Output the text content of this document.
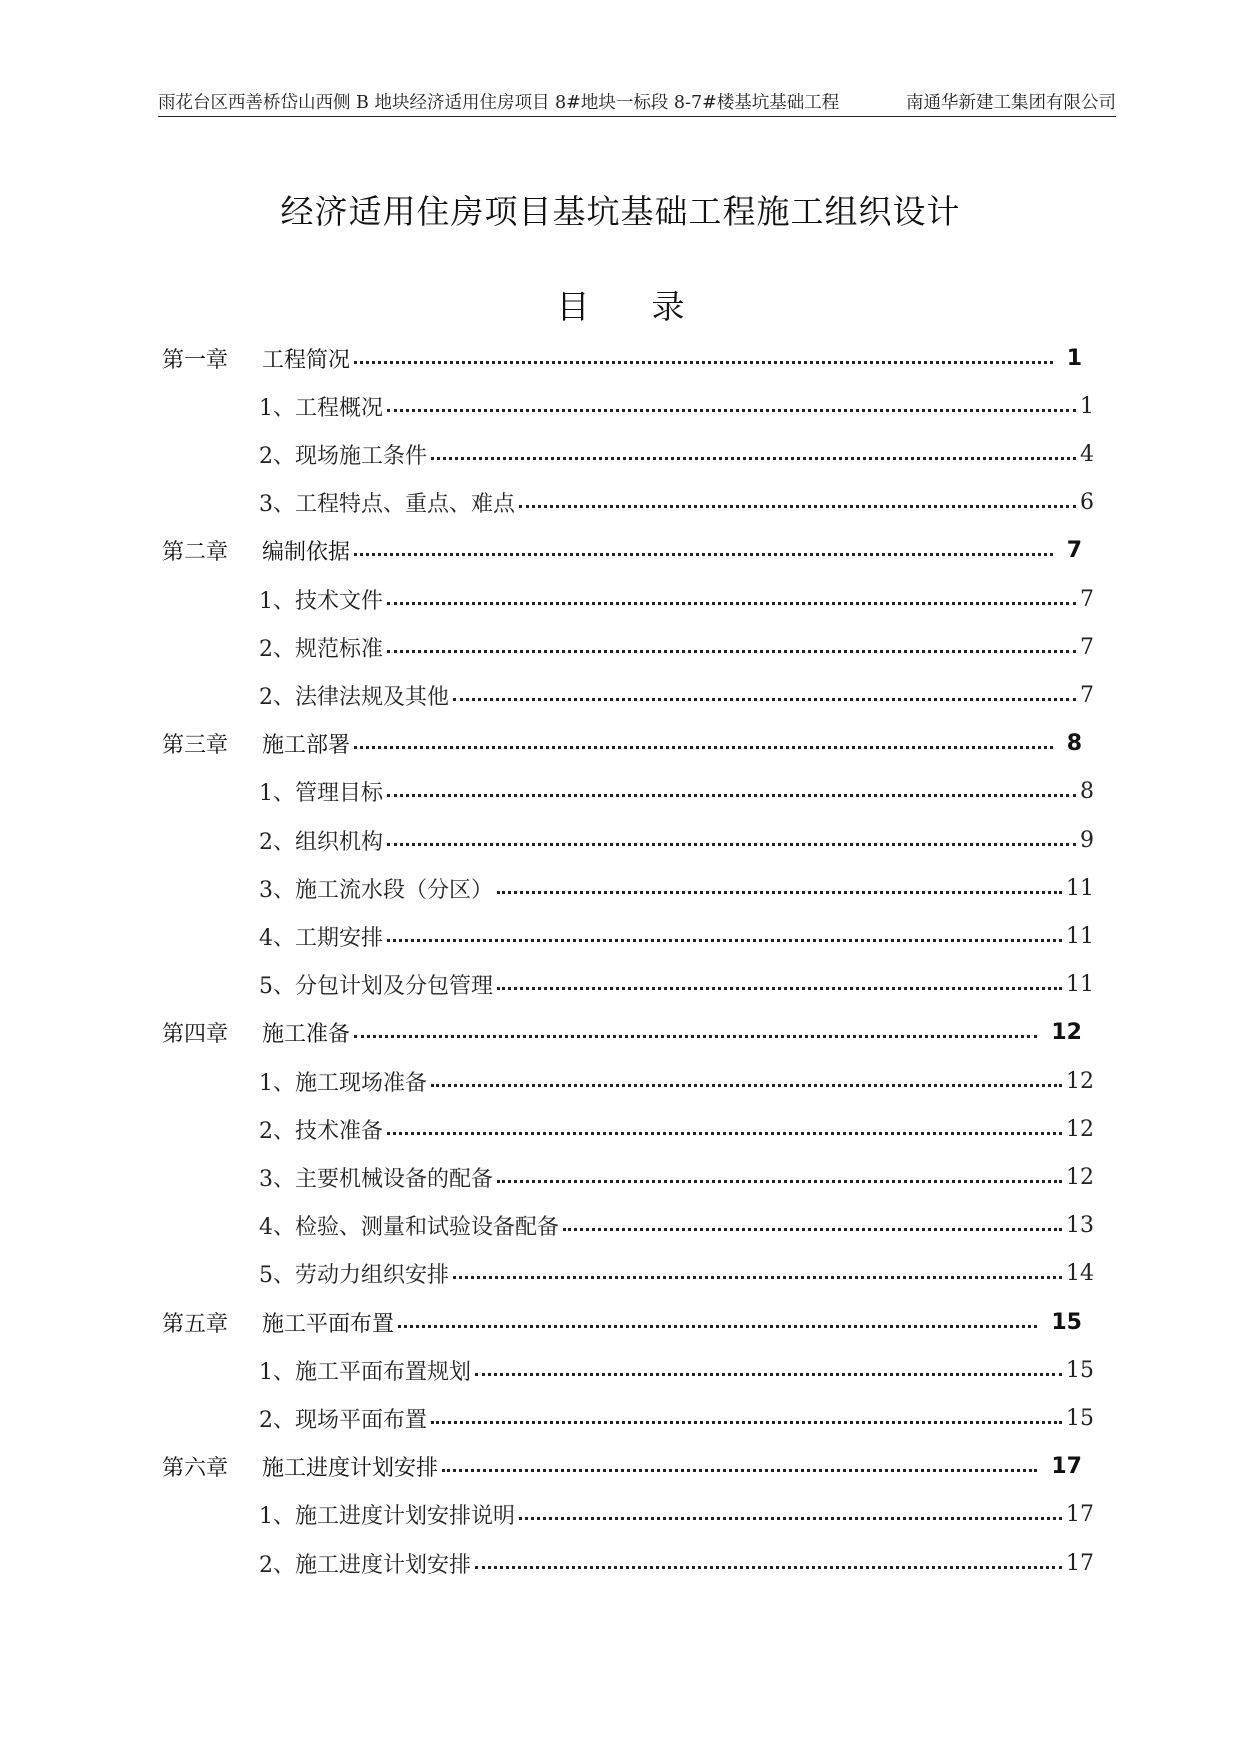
雨花台区西善桥岱山西侧 B 地块经济适用住房项目 8#地块一标段 8-7#楼基坑基础工程	南通华新建工集团有限公司
经济适用住房项目基坑基础工程施工组织设计
目 录
第一章	工程简况	1
1、工程概况	1
2、现场施工条件	4
3、工程特点、重点、难点	6
第二章	编制依据	7
1、技术文件	7
2、规范标准	7
2、法律法规及其他	7
第三章	施工部署	8
1、管理目标	8
2、组织机构	9
3、施工流水段（分区）	11
4、工期安排	11
5、分包计划及分包管理	11
第四章	施工准备	12
1、施工现场准备	12
2、技术准备	12
3、主要机械设备的配备	12
4、检验、测量和试验设备配备	13
5、劳动力组织安排	14
第五章	施工平面布置	15
1、施工平面布置规划	15
2、现场平面布置	15
第六章	施工进度计划安排	17
1、施工进度计划安排说明	17
2、施工进度计划安排	17
